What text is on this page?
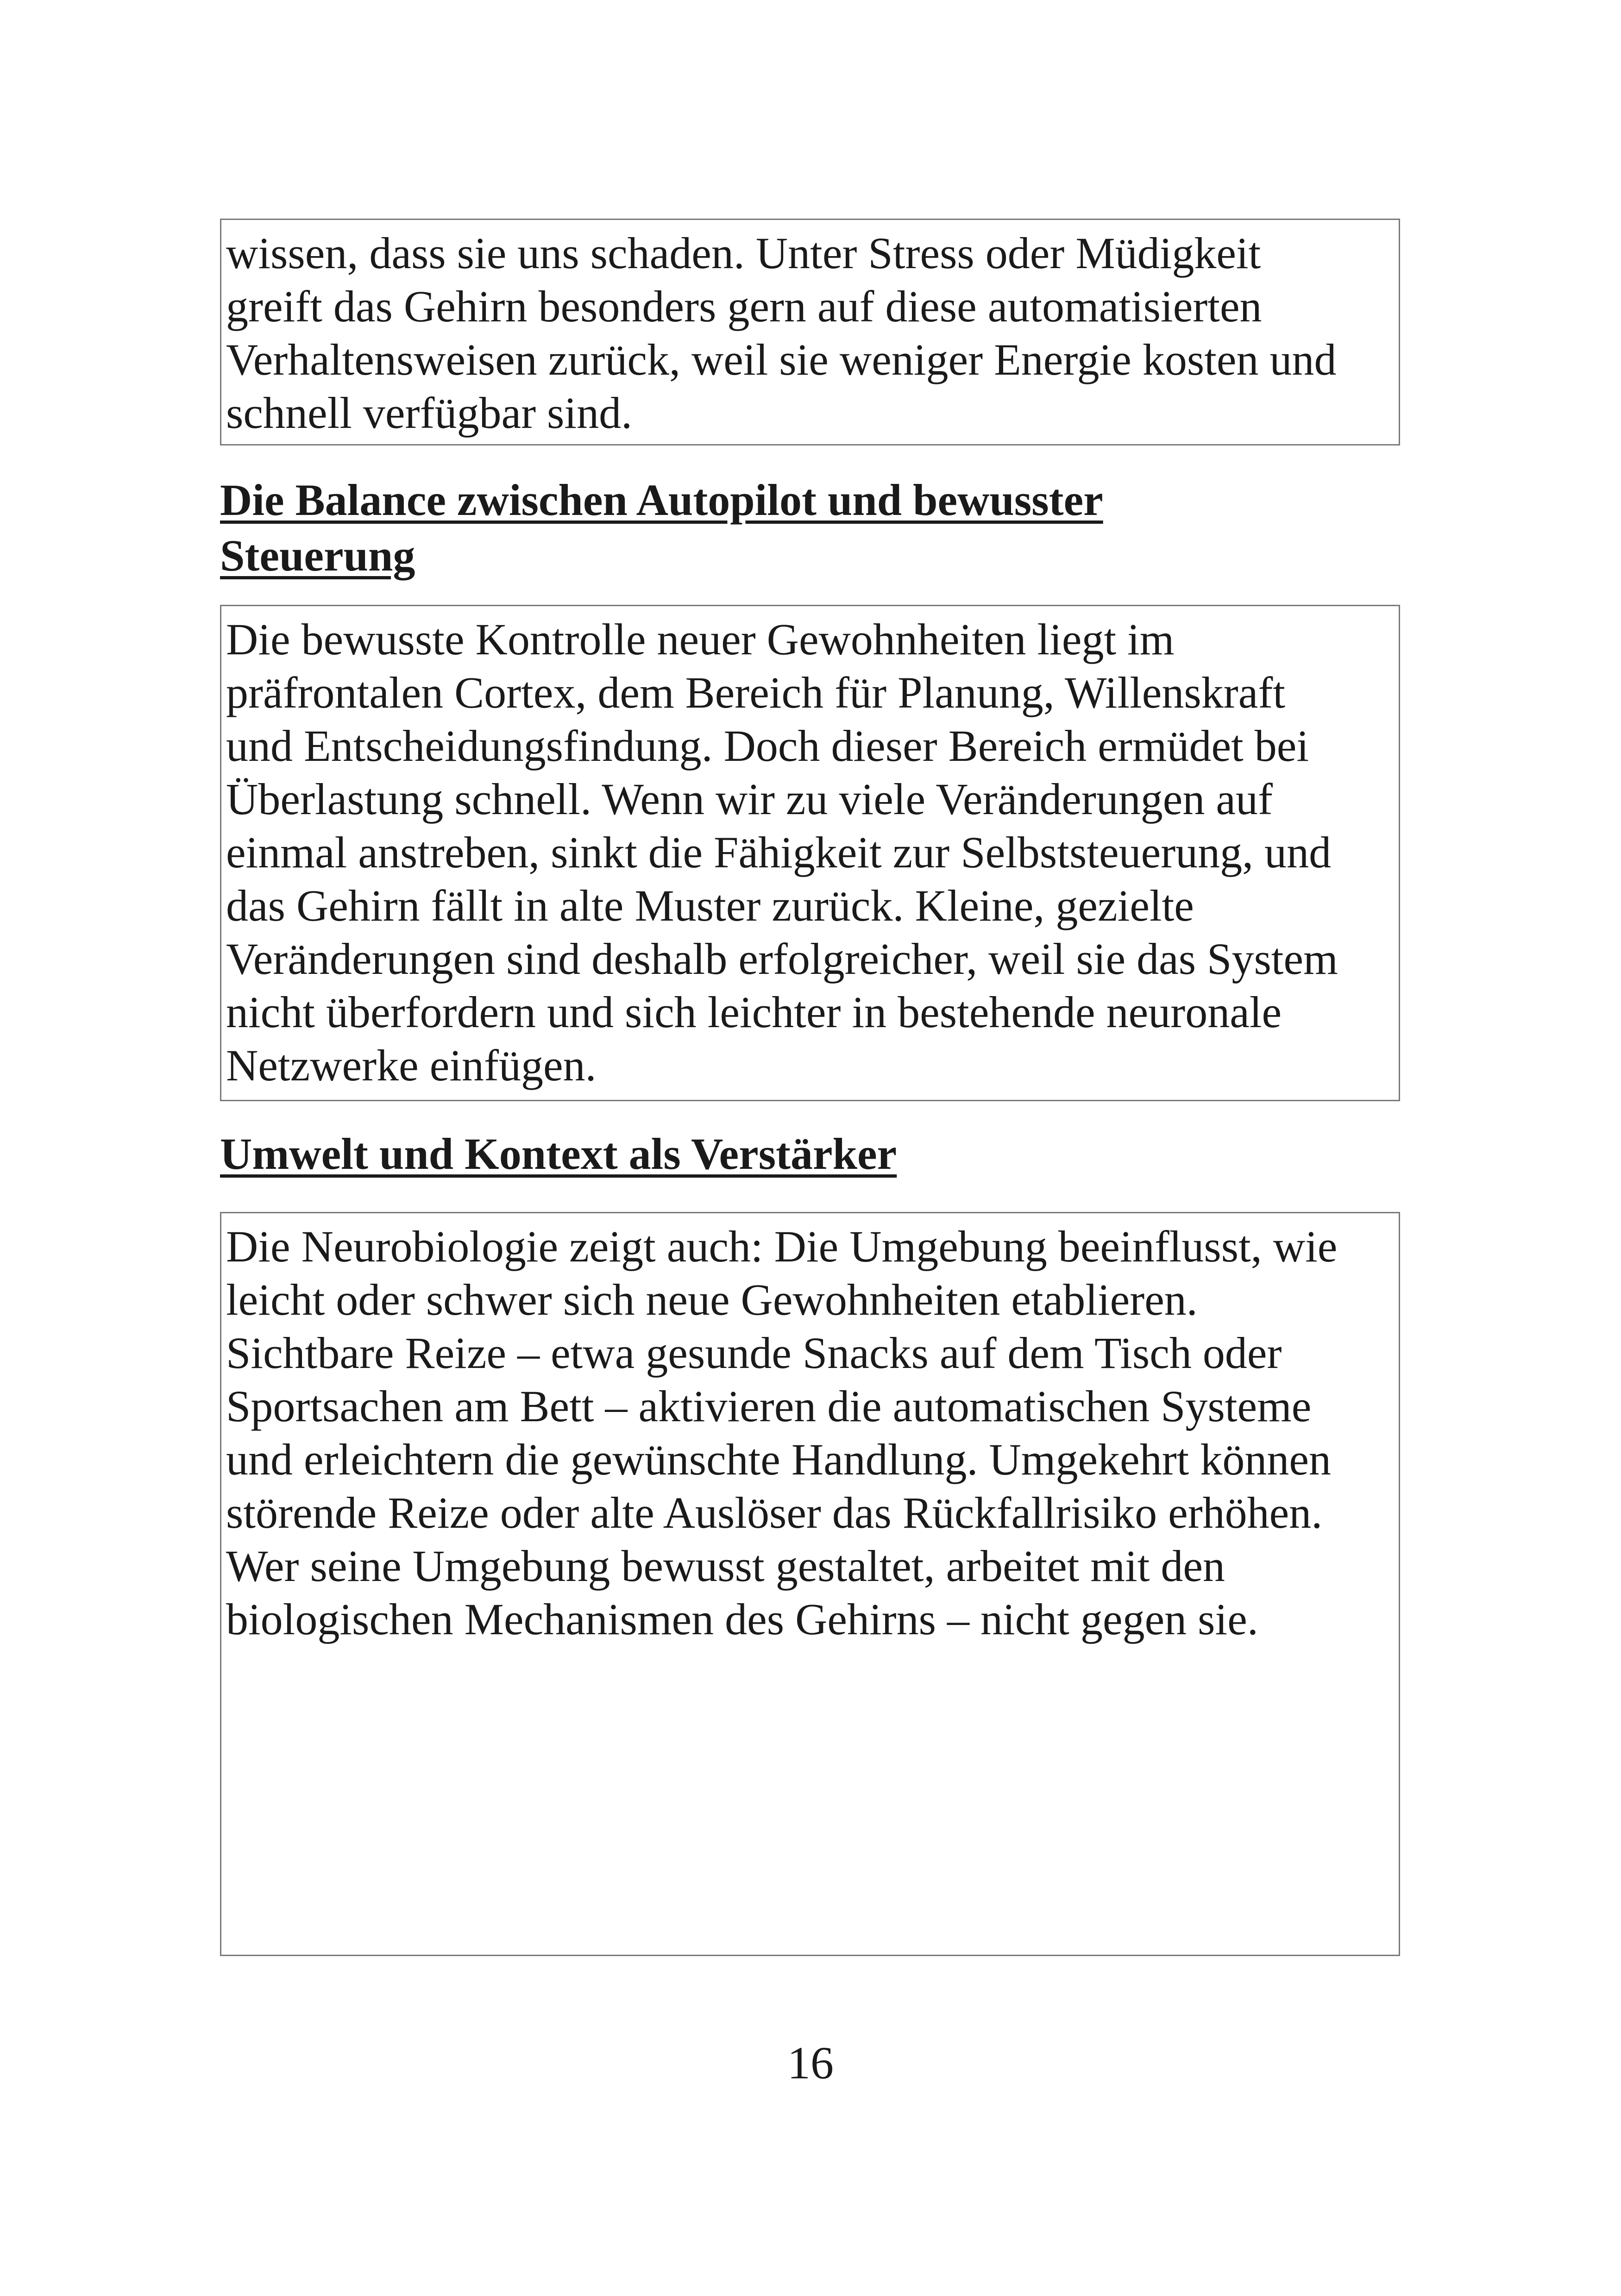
wissen, dass sie uns schaden. Unter Stress oder Müdigkeit
greift das Gehirn besonders gern auf diese automatisierten
Verhaltensweisen zurück, weil sie weniger Energie kosten und
schnell verfügbar sind.

Die Balance zwischen Autopilot und bewusster
Steuerung

Die bewusste Kontrolle neuer Gewohnheiten liegt im
präfrontalen Cortex, dem Bereich für Planung, Willenskraft
und Entscheidungsfindung. Doch dieser Bereich ermüdet bei
Überlastung schnell. Wenn wir zu viele Veränderungen auf
einmal anstreben, sinkt die Fähigkeit zur Selbststeuerung, und
das Gehirn fällt in alte Muster zurück. Kleine, gezielte
Veränderungen sind deshalb erfolgreicher, weil sie das System
nicht überfordern und sich leichter in bestehende neuronale
Netzwerke einfügen.

Umwelt und Kontext als Verstärker

Die Neurobiologie zeigt auch: Die Umgebung beeinflusst, wie
leicht oder schwer sich neue Gewohnheiten etablieren.
Sichtbare Reize – etwa gesunde Snacks auf dem Tisch oder
Sportsachen am Bett – aktivieren die automatischen Systeme
und erleichtern die gewünschte Handlung. Umgekehrt können
störende Reize oder alte Auslöser das Rückfallrisiko erhöhen.
Wer seine Umgebung bewusst gestaltet, arbeitet mit den
biologischen Mechanismen des Gehirns – nicht gegen sie.

16
